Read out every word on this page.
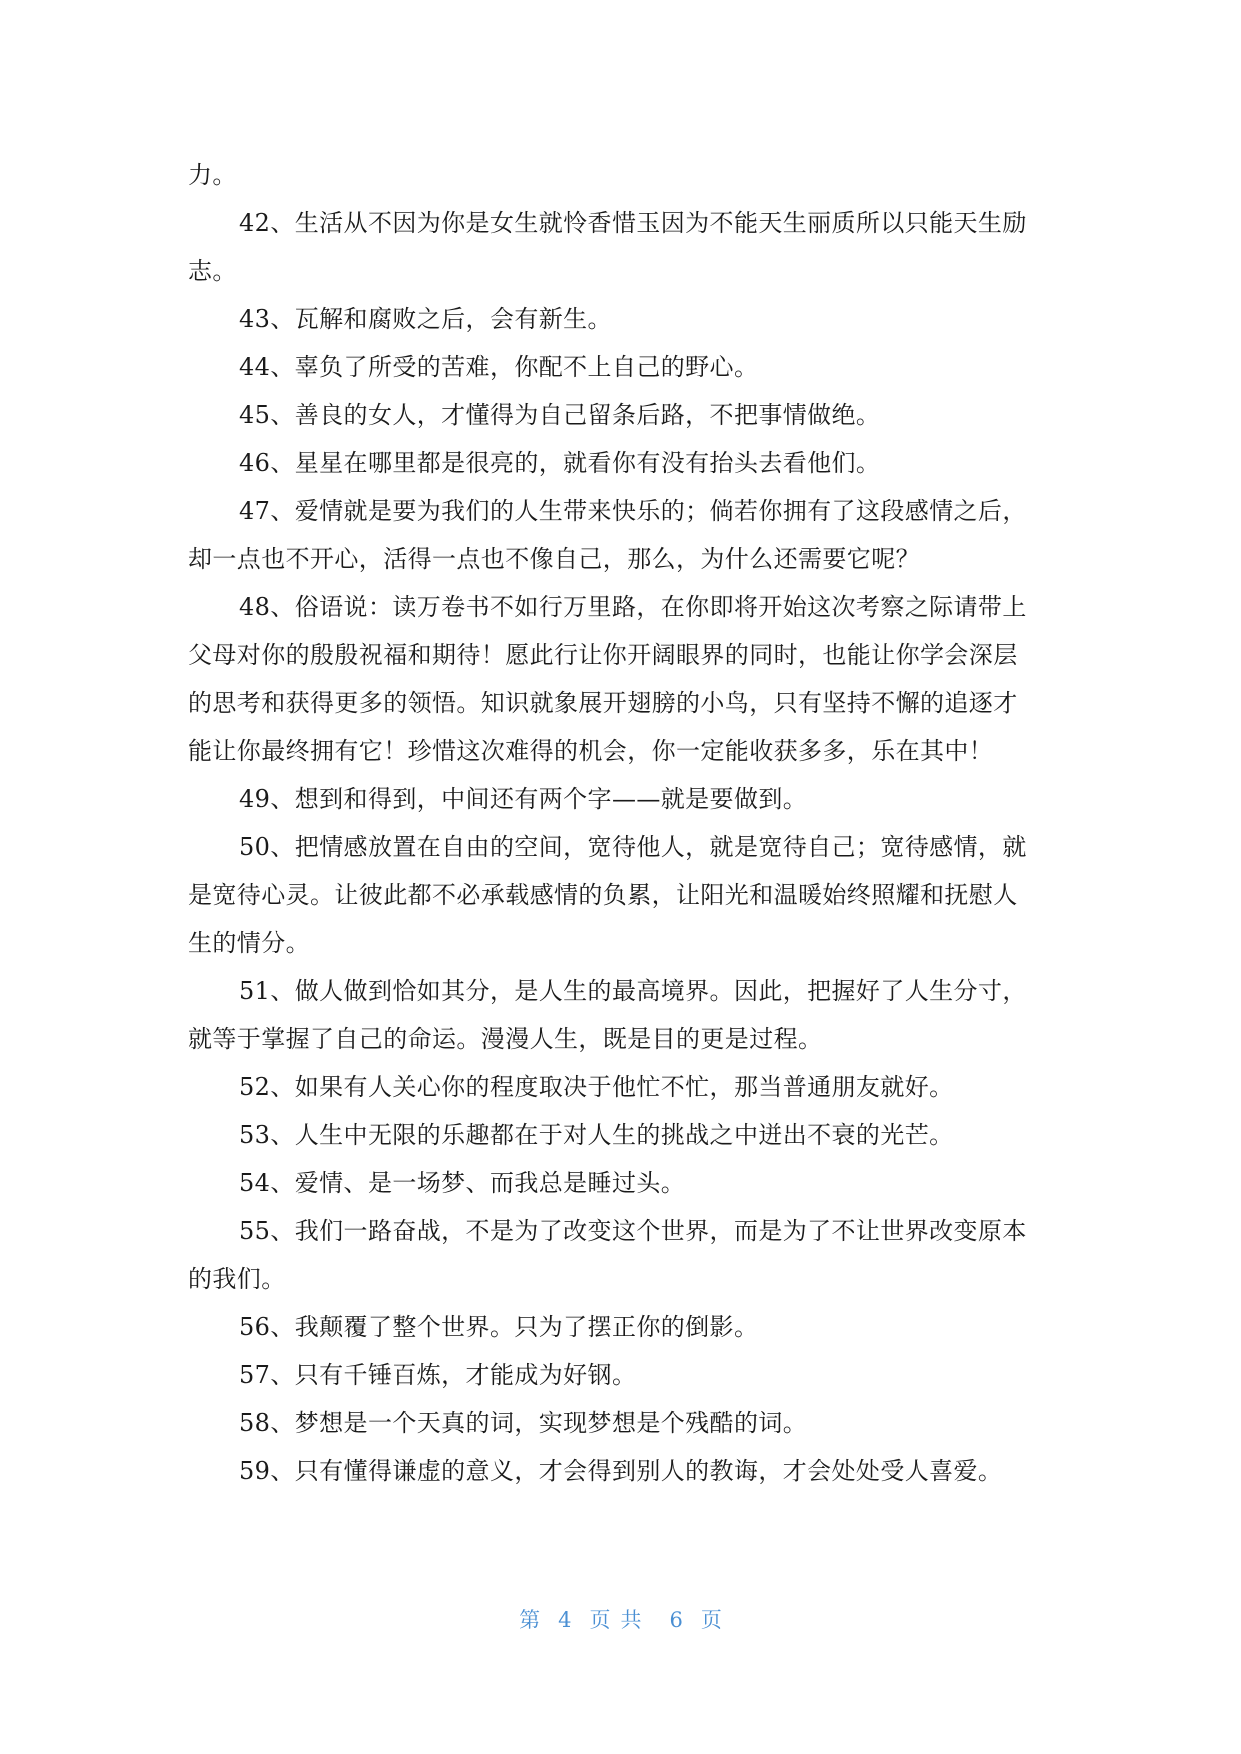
力。
42、生活从不因为你是女生就怜香惜玉因为不能天生丽质所以只能天生励
志。
43、瓦解和腐败之后，会有新生。
44、辜负了所受的苦难，你配不上自己的野心。
45、善良的女人，才懂得为自己留条后路，不把事情做绝。
46、星星在哪里都是很亮的，就看你有没有抬头去看他们。
47、爱情就是要为我们的人生带来快乐的；倘若你拥有了这段感情之后，
却一点也不开心，活得一点也不像自己，那么，为什么还需要它呢？
48、俗语说：读万卷书不如行万里路，在你即将开始这次考察之际请带上
父母对你的殷殷祝福和期待！愿此行让你开阔眼界的同时，也能让你学会深层
的思考和获得更多的领悟。知识就象展开翅膀的小鸟，只有坚持不懈的追逐才
能让你最终拥有它！珍惜这次难得的机会，你一定能收获多多，乐在其中！
49、想到和得到，中间还有两个字——就是要做到。
50、把情感放置在自由的空间，宽待他人，就是宽待自己；宽待感情，就
是宽待心灵。让彼此都不必承载感情的负累，让阳光和温暖始终照耀和抚慰人
生的情分。
51、做人做到恰如其分，是人生的最高境界。因此，把握好了人生分寸，
就等于掌握了自己的命运。漫漫人生，既是目的更是过程。
52、如果有人关心你的程度取决于他忙不忙，那当普通朋友就好。
53、人生中无限的乐趣都在于对人生的挑战之中迸出不衰的光芒。
54、爱情、是一场梦、而我总是睡过头。
55、我们一路奋战，不是为了改变这个世界，而是为了不让世界改变原本
的我们。
56、我颠覆了整个世界。只为了摆正你的倒影。
57、只有千锤百炼，才能成为好钢。
58、梦想是一个天真的词，实现梦想是个残酷的词。
59、只有懂得谦虚的意义，才会得到别人的教诲，才会处处受人喜爱。
第 4 页共 6 页
